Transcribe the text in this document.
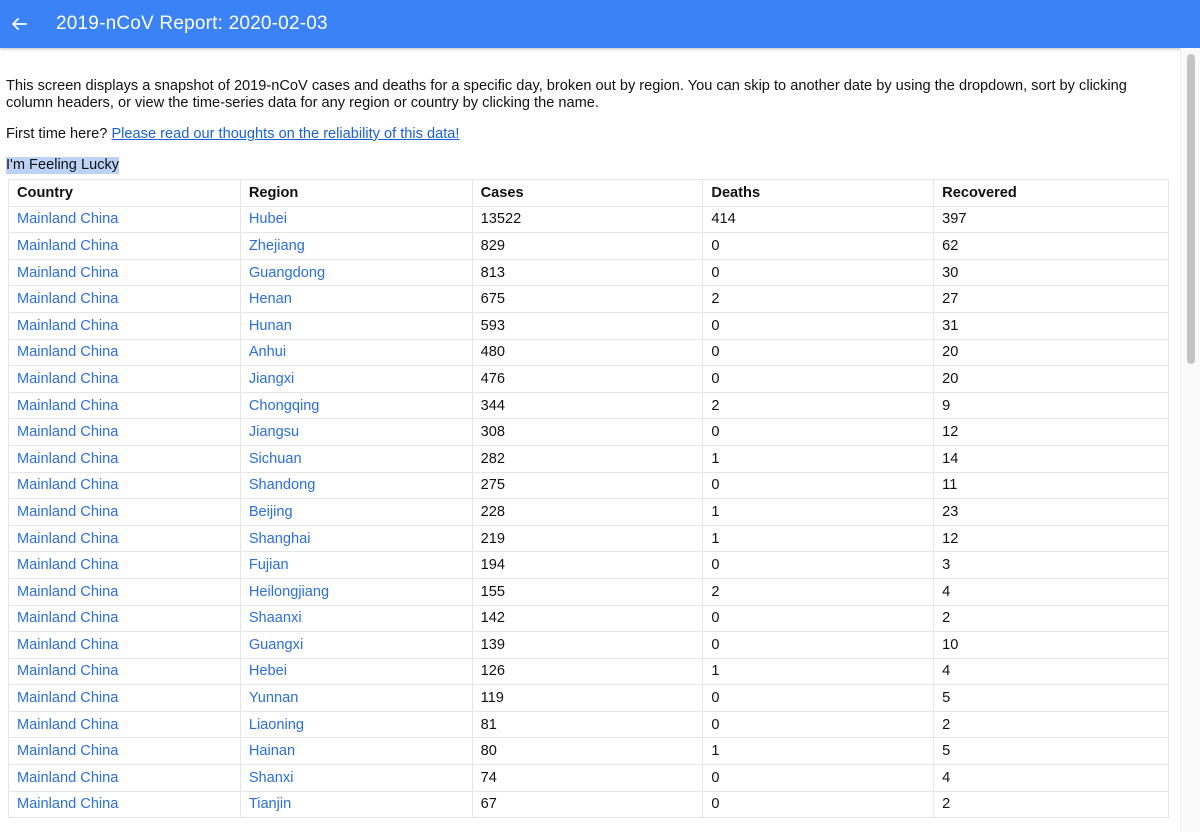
2019-nCoV Report: 2020-02-03
This screen displays a snapshot of 2019-nCoV cases and deaths for a specific day, broken out by region. You can skip to another date by using the dropdown, sort by clicking column headers, or view the time-series data for any region or country by clicking the name.
First time here? Please read our thoughts on the reliability of this data!
I'm Feeling Lucky
Country	Region	Cases	Deaths	Recovered
Mainland China	Hubei	13522	414	397
Mainland China	Zhejiang	829	0	62
Mainland China	Guangdong	813	0	30
Mainland China	Henan	675	2	27
Mainland China	Hunan	593	0	31
Mainland China	Anhui	480	0	20
Mainland China	Jiangxi	476	0	20
Mainland China	Chongqing	344	2	9
Mainland China	Jiangsu	308	0	12
Mainland China	Sichuan	282	1	14
Mainland China	Shandong	275	0	11
Mainland China	Beijing	228	1	23
Mainland China	Shanghai	219	1	12
Mainland China	Fujian	194	0	3
Mainland China	Heilongjiang	155	2	4
Mainland China	Shaanxi	142	0	2
Mainland China	Guangxi	139	0	10
Mainland China	Hebei	126	1	4
Mainland China	Yunnan	119	0	5
Mainland China	Liaoning	81	0	2
Mainland China	Hainan	80	1	5
Mainland China	Shanxi	74	0	4
Mainland China	Tianjin	67	0	2
